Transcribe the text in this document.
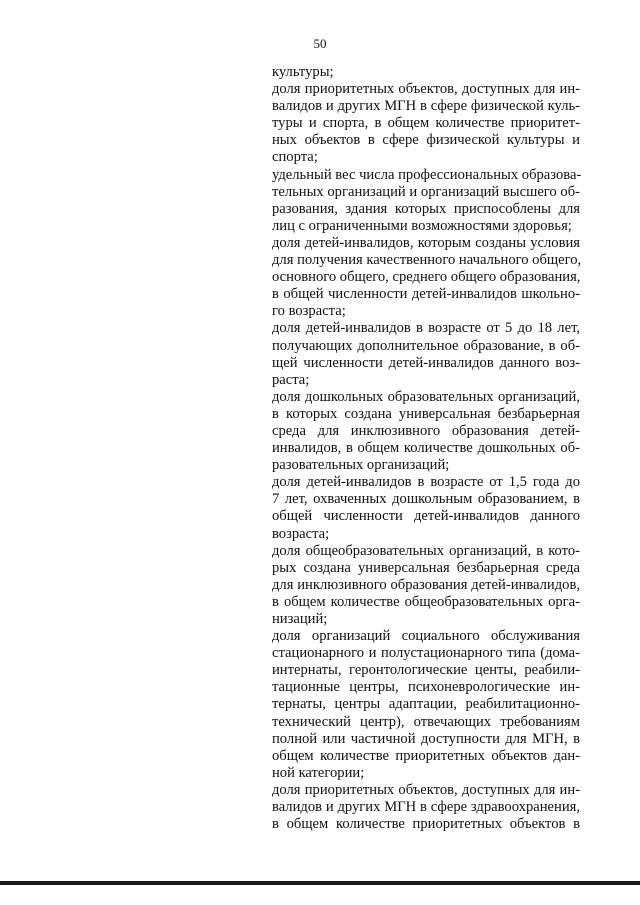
50
культуры;
доля приоритетных объектов, доступных для ин-
валидов и других МГН в сфере физической куль-
туры и спорта, в общем количестве приоритет-
ных объектов в сфере физической культуры и
спорта;
удельный вес числа профессиональных образова-
тельных организаций и организаций высшего об-
разования, здания которых приспособлены для
лиц с ограниченными возможностями здоровья;
доля детей-инвалидов, которым созданы условия
для получения качественного начального общего,
основного общего, среднего общего образования,
в общей численности детей-инвалидов школьно-
го возраста;
доля детей-инвалидов в возрасте от 5 до 18 лет,
получающих дополнительное образование, в об-
щей численности детей-инвалидов данного воз-
раста;
доля дошкольных образовательных организаций,
в которых создана универсальная безбарьерная
среда для инклюзивного образования детей-
инвалидов, в общем количестве дошкольных об-
разовательных организаций;
доля детей-инвалидов в возрасте от 1,5 года до
7 лет, охваченных дошкольным образованием, в
общей численности детей-инвалидов данного
возраста;
доля общеобразовательных организаций, в кото-
рых создана универсальная безбарьерная среда
для инклюзивного образования детей-инвалидов,
в общем количестве общеобразовательных орга-
низаций;
доля организаций социального обслуживания
стационарного и полустационарного типа (дома-
интернаты, геронтологические центы, реабили-
тационные центры, психоневрологические ин-
тернаты, центры адаптации, реабилитационно-
технический центр), отвечающих требованиям
полной или частичной доступности для МГН, в
общем количестве приоритетных объектов дан-
ной категории;
доля приоритетных объектов, доступных для ин-
валидов и других МГН в сфере здравоохранения,
в общем количестве приоритетных объектов в
